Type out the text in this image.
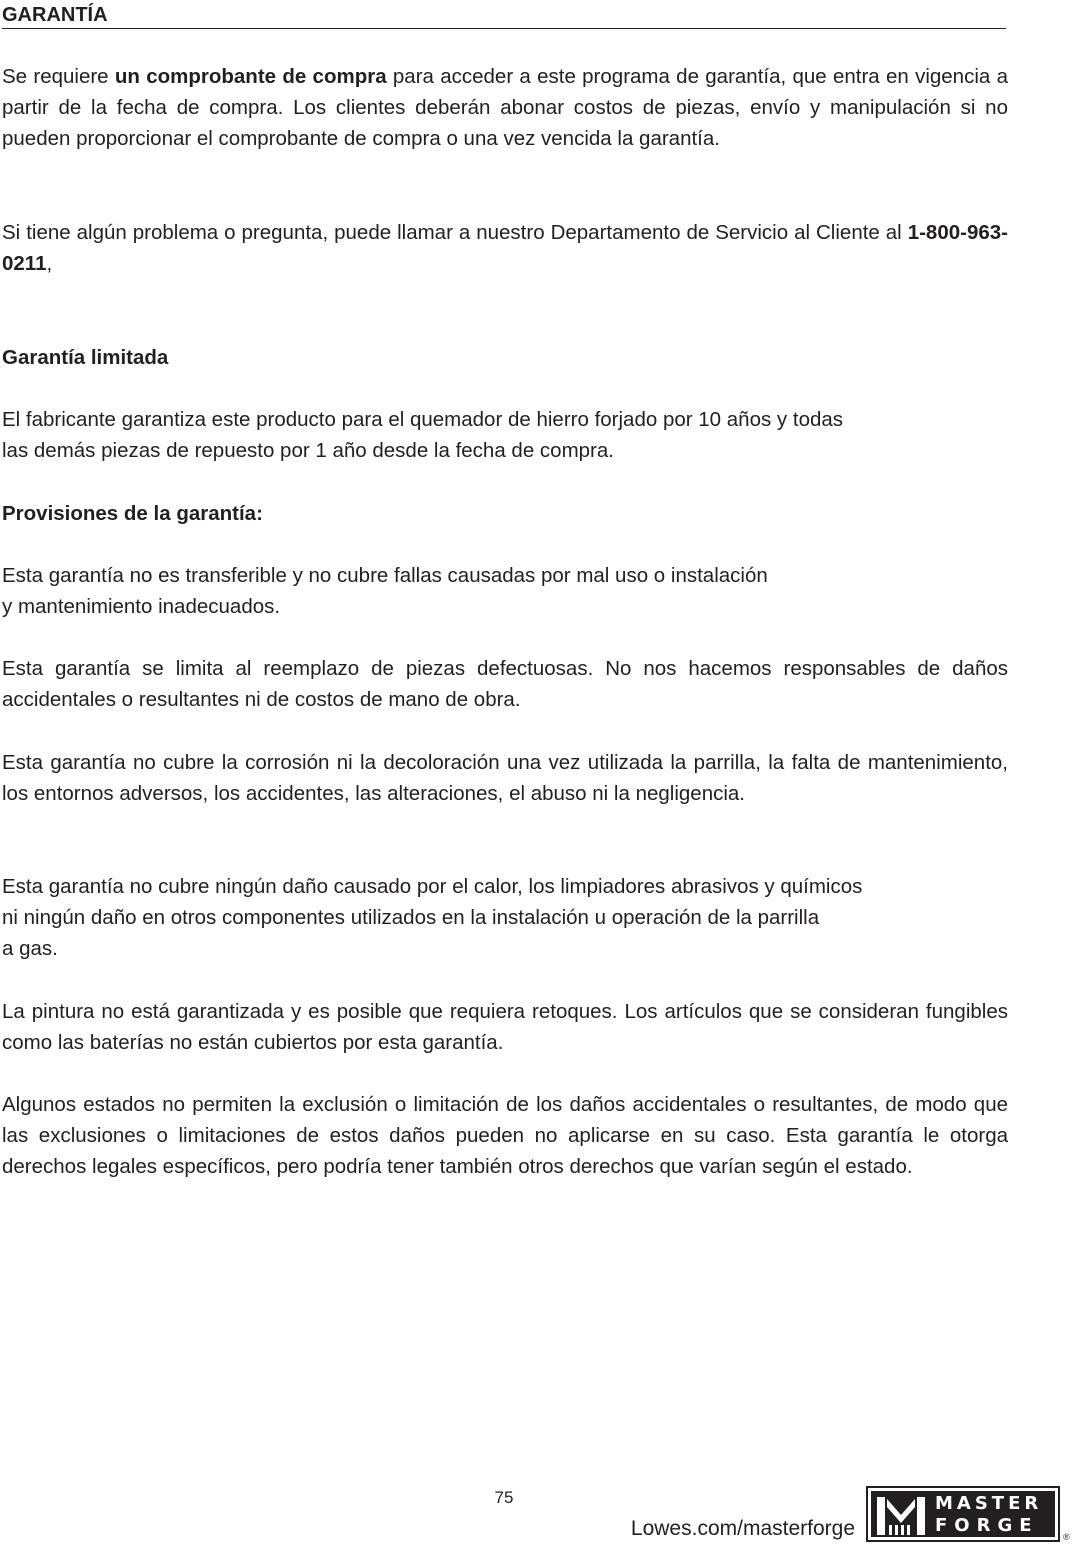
GARANTÍA

Se requiere un comprobante de compra para acceder a este programa de garantía, que entra en vigencia a partir de la fecha de compra. Los clientes deberán abonar costos de piezas, envío y manipulación si no pueden proporcionar el comprobante de compra o una vez vencida la garantía.

Si tiene algún problema o pregunta, puede llamar a nuestro Departamento de Servicio al Cliente al 1-800-963-0211,

Garantía limitada
El fabricante garantiza este producto para el quemador de hierro forjado por 10 años y todas
las demás piezas de repuesto por 1 año desde la fecha de compra.
Provisiones de la garantía:
Esta garantía no es transferible y no cubre fallas causadas por mal uso o instalación
y mantenimiento inadecuados.

Esta garantía se limita al reemplazo de piezas defectuosas. No nos hacemos responsables de daños accidentales o resultantes ni de costos de mano de obra.

Esta garantía no cubre la corrosión ni la decoloración una vez utilizada la parrilla, la falta de mantenimiento, los entornos adversos, los accidentes, las alteraciones, el abuso ni la negligencia.

Esta garantía no cubre ningún daño causado por el calor, los limpiadores abrasivos y químicos
ni ningún daño en otros componentes utilizados en la instalación u operación de la parrilla
a gas.

La pintura no está garantizada y es posible que requiera retoques. Los artículos que se consideran fungibles como las baterías no están cubiertos por esta garantía.

Algunos estados no permiten la exclusión o limitación de los daños accidentales o resultantes, de modo que las exclusiones o limitaciones de estos daños pueden no aplicarse en su caso. Esta garantía le otorga derechos legales específicos, pero podría tener también otros derechos que varían según el estado.

75
Lowes.com/masterforge
MASTER
FORGE
®
